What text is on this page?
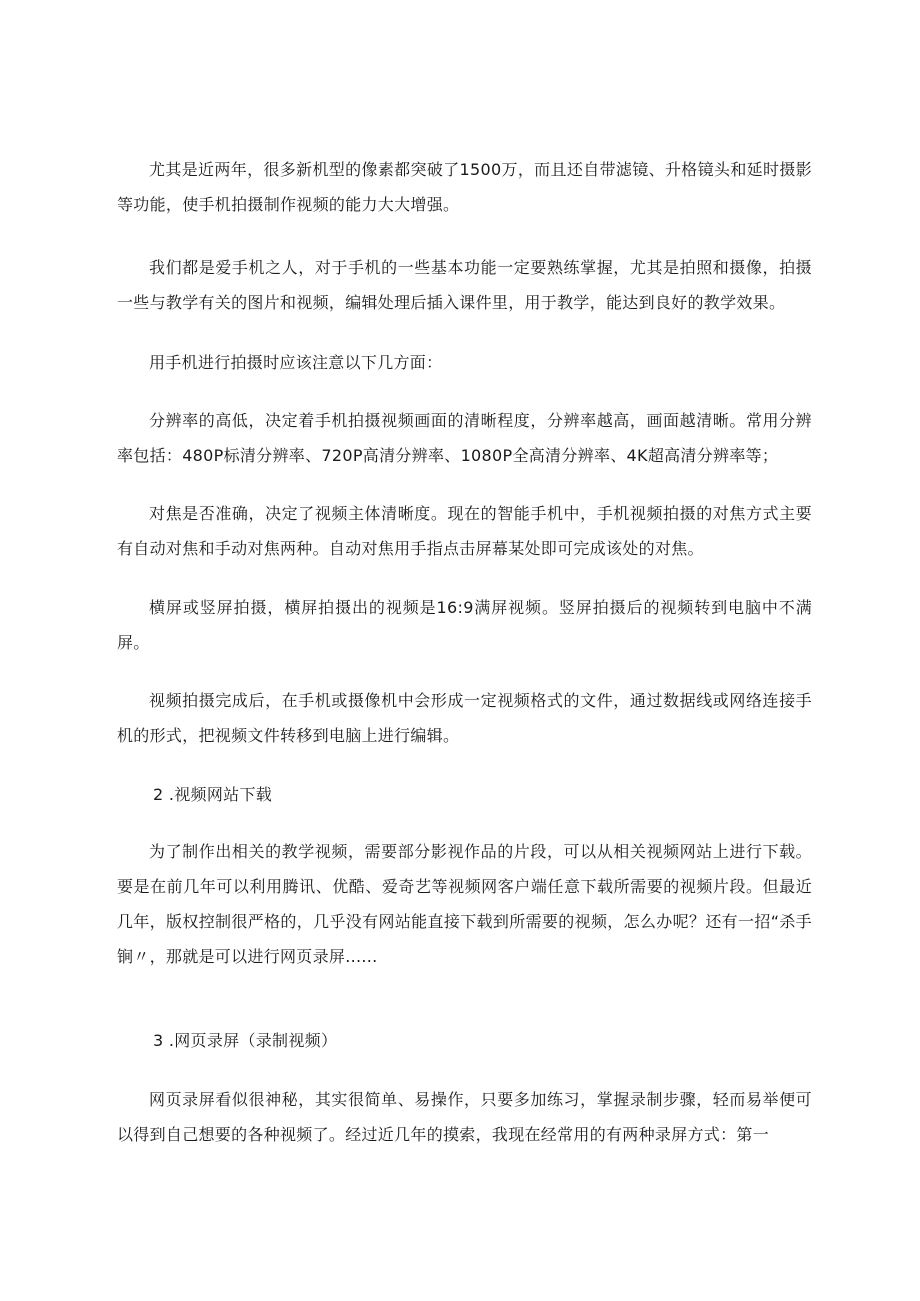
尤其是近两年，很多新机型的像素都突破了1500万，而且还自带滤镜、升格镜头和延时摄影等功能，使手机拍摄制作视频的能力大大增强。

我们都是爱手机之人，对于手机的一些基本功能一定要熟练掌握，尤其是拍照和摄像，拍摄一些与教学有关的图片和视频，编辑处理后插入课件里，用于教学，能达到良好的教学效果。

用手机进行拍摄时应该注意以下几方面：

分辨率的高低，决定着手机拍摄视频画面的清晰程度，分辨率越高，画面越清晰。常用分辨率包括：480P标清分辨率、720P高清分辨率、1080P全高清分辨率、4K超高清分辨率等；

对焦是否准确，决定了视频主体清晰度。现在的智能手机中，手机视频拍摄的对焦方式主要有自动对焦和手动对焦两种。自动对焦用手指点击屏幕某处即可完成该处的对焦。

横屏或竖屏拍摄，横屏拍摄出的视频是16:9满屏视频。竖屏拍摄后的视频转到电脑中不满屏。

视频拍摄完成后，在手机或摄像机中会形成一定视频格式的文件，通过数据线或网络连接手机的形式，把视频文件转移到电脑上进行编辑。

2 .视频网站下载

为了制作出相关的教学视频，需要部分影视作品的片段，可以从相关视频网站上进行下载。要是在前几年可以利用腾讯、优酷、爱奇艺等视频网客户端任意下载所需要的视频片段。但最近几年，版权控制很严格的，几乎没有网站能直接下载到所需要的视频，怎么办呢？还有一招“杀手锏〃，那就是可以进行网页录屏......

3 .网页录屏（录制视频）

网页录屏看似很神秘，其实很简单、易操作，只要多加练习，掌握录制步骤，轻而易举便可以得到自己想要的各种视频了。经过近几年的摸索，我现在经常用的有两种录屏方式：第一
